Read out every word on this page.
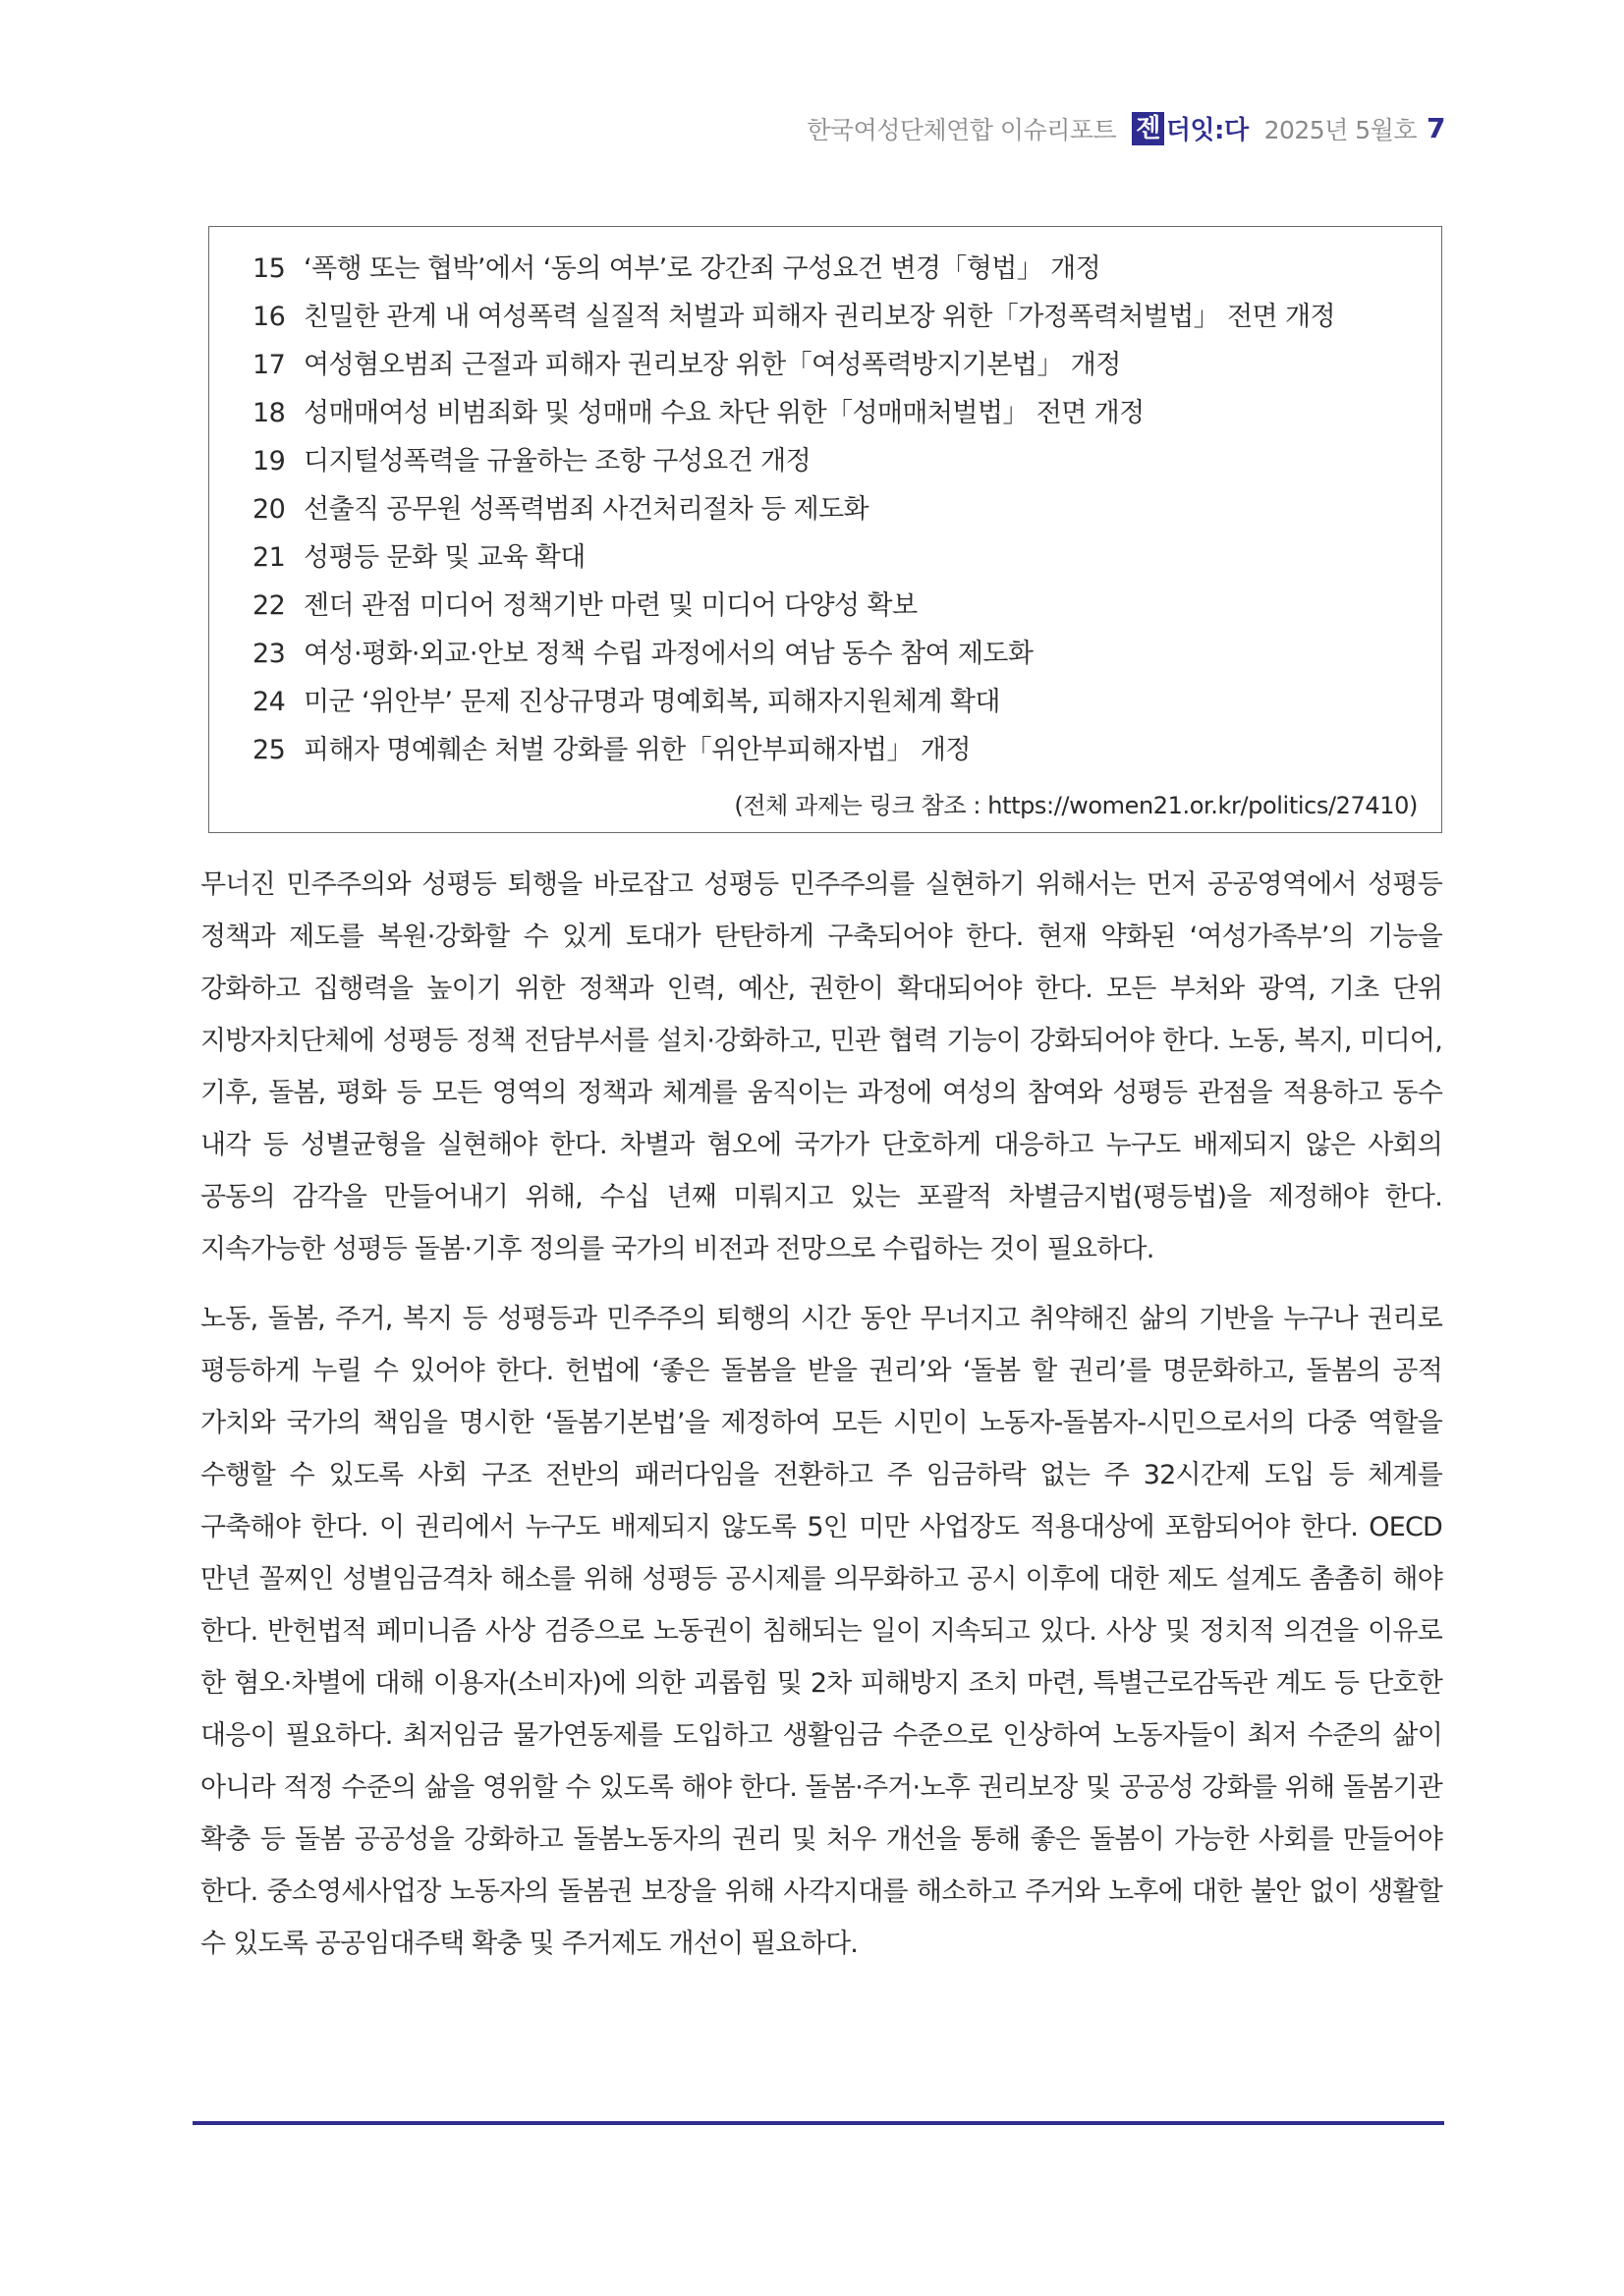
한국여성단체연합 이슈리포트 젠 더 잇: 다 2025년 5월호 7
15 ‘폭행 또는 협박’에서 ‘동의 여부’로 강간죄 구성요건 변경「형법」 개정
16 친밀한 관계 내 여성폭력 실질적 처벌과 피해자 권리보장 위한「가정폭력처벌법」 전면 개정
17 여성혐오범죄 근절과 피해자 권리보장 위한「여성폭력방지기본법」 개정
18 성매매여성 비범죄화 및 성매매 수요 차단 위한「성매매처벌법」 전면 개정
19 디지털성폭력을 규율하는 조항 구성요건 개정
20 선출직 공무원 성폭력범죄 사건처리절차 등 제도화
21 성평등 문화 및 교육 확대
22 젠더 관점 미디어 정책기반 마련 및 미디어 다양성 확보
23 여성·평화·외교·안보 정책 수립 과정에서의 여남 동수 참여 제도화
24 미군 ‘위안부’ 문제 진상규명과 명예회복, 피해자지원체계 확대
25 피해자 명예훼손 처벌 강화를 위한「위안부피해자법」 개정
(전체 과제는 링크 참조 : https://women21.or.kr/politics/27410)

무너진 민주주의와 성평등 퇴행을 바로잡고 성평등 민주주의를 실현하기 위해서는 먼저 공공영역에서 성평등 정책과 제도를 복원·강화할 수 있게 토대가 탄탄하게 구축되어야 한다. 현재 약화된 ‘여성가족부’의 기능을 강화하고 집행력을 높이기 위한 정책과 인력, 예산, 권한이 확대되어야 한다. 모든 부처와 광역, 기초 단위 지방자치단체에 성평등 정책 전담부서를 설치·강화하고, 민관 협력 기능이 강화되어야 한다. 노동, 복지, 미디어, 기후, 돌봄, 평화 등 모든 영역의 정책과 체계를 움직이는 과정에 여성의 참여와 성평등 관점을 적용하고 동수 내각 등 성별균형을 실현해야 한다. 차별과 혐오에 국가가 단호하게 대응하고 누구도 배제되지 않은 사회의 공동의 감각을 만들어내기 위해, 수십 년째 미뤄지고 있는 포괄적 차별금지법(평등법)을 제정해야 한다. 지속가능한 성평등 돌봄·기후 정의를 국가의 비전과 전망으로 수립하는 것이 필요하다.

노동, 돌봄, 주거, 복지 등 성평등과 민주주의 퇴행의 시간 동안 무너지고 취약해진 삶의 기반을 누구나 권리로 평등하게 누릴 수 있어야 한다. 헌법에 ‘좋은 돌봄을 받을 권리’와 ‘돌봄 할 권리’를 명문화하고, 돌봄의 공적 가치와 국가의 책임을 명시한 ‘돌봄기본법’을 제정하여 모든 시민이 노동자-돌봄자-시민으로서의 다중 역할을 수행할 수 있도록 사회 구조 전반의 패러다임을 전환하고 주 임금하락 없는 주 32시간제 도입 등 체계를 구축해야 한다. 이 권리에서 누구도 배제되지 않도록 5인 미만 사업장도 적용대상에 포함되어야 한다. OECD 만년 꼴찌인 성별임금격차 해소를 위해 성평등 공시제를 의무화하고 공시 이후에 대한 제도 설계도 촘촘히 해야 한다. 반헌법적 페미니즘 사상 검증으로 노동권이 침해되는 일이 지속되고 있다. 사상 및 정치적 의견을 이유로 한 혐오·차별에 대해 이용자(소비자)에 의한 괴롭힘 및 2차 피해방지 조치 마련, 특별근로감독관 계도 등 단호한 대응이 필요하다. 최저임금 물가연동제를 도입하고 생활임금 수준으로 인상하여 노동자들이 최저 수준의 삶이 아니라 적정 수준의 삶을 영위할 수 있도록 해야 한다. 돌봄·주거·노후 권리보장 및 공공성 강화를 위해 돌봄기관 확충 등 돌봄 공공성을 강화하고 돌봄노동자의 권리 및 처우 개선을 통해 좋은 돌봄이 가능한 사회를 만들어야 한다. 중소영세사업장 노동자의 돌봄권 보장을 위해 사각지대를 해소하고 주거와 노후에 대한 불안 없이 생활할 수 있도록 공공임대주택 확충 및 주거제도 개선이 필요하다.
